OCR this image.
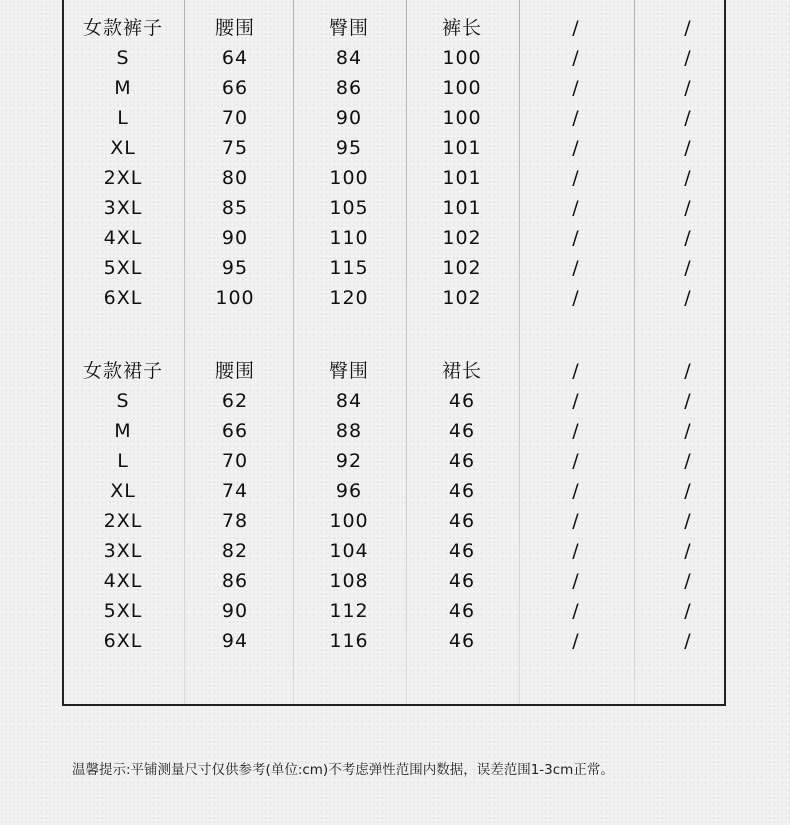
女款裤子	腰围	臀围	裤长	/	/
S	64	84	100	/	/
M	66	86	100	/	/
L	70	90	100	/	/
XL	75	95	101	/	/
2XL	80	100	101	/	/
3XL	85	105	101	/	/
4XL	90	110	102	/	/
5XL	95	115	102	/	/
6XL	100	120	102	/	/
女款裙子	腰围	臀围	裙长	/	/
S	62	84	46	/	/
M	66	88	46	/	/
L	70	92	46	/	/
XL	74	96	46	/	/
2XL	78	100	46	/	/
3XL	82	104	46	/	/
4XL	86	108	46	/	/
5XL	90	112	46	/	/
6XL	94	116	46	/	/
温馨提示:平铺测量尺寸仅供参考(单位:cm)不考虑弹性范围内数据，误差范围1-3cm正常。
